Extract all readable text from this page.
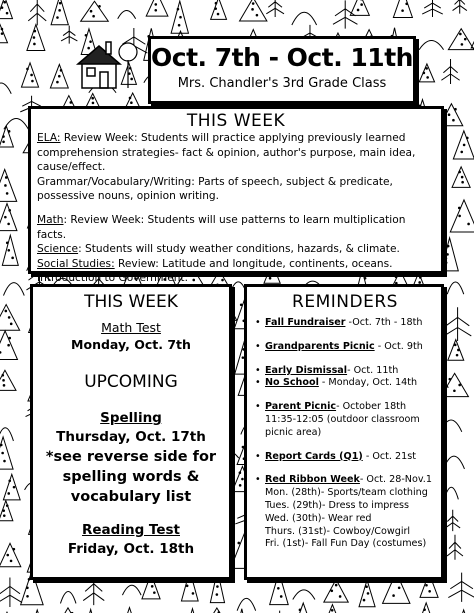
Oct. 7th - Oct. 11th
Mrs. Chandler's 3rd Grade Class
THIS WEEK

ELA: Review Week: Students will practice applying previously learned comprehension strategies- fact & opinion, author's purpose, main idea, cause/effect.

Grammar/Vocabulary/Writing: Parts of speech, subject & predicate, possessive nouns, opinion writing.

Math: Review Week: Students will use patterns to learn multiplication facts.

Science: Students will study weather conditions, hazards, & climate.

Social Studies: Review: Latitude and longitude, continents, oceans. Introduction to Government.

THIS WEEK

Math Test

Monday, Oct. 7th

UPCOMING

Spelling

Thursday, Oct. 17th

*see reverse side for spelling words & vocabulary list

Reading Test

Friday, Oct. 18th

REMINDERS
• Fall Fundraiser -Oct. 7th - 18th
• Grandparents Picnic - Oct. 9th
• Early Dismissal- Oct. 11th
• No School - Monday, Oct. 14th
• Parent Picnic- October 18th 11:35-12:05 (outdoor classroom picnic area)
• Report Cards (Q1) - Oct. 21st
• Red Ribbon Week- Oct. 28-Nov.1
Mon. (28th)- Sports/team clothing
Tues. (29th)- Dress to impress
Wed. (30th)- Wear red
Thurs. (31st)- Cowboy/Cowgirl
Fri. (1st)- Fall Fun Day (costumes)
